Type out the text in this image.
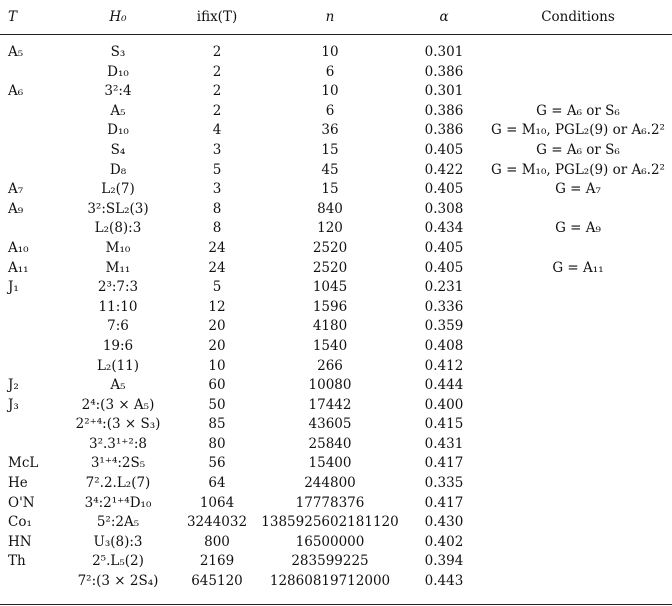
T	H₀	ifix(T)	n	α	Conditions
A₅	S₃	2	10	0.301	
	D₁₀	2	6	0.386	
A₆	3²:4	2	10	0.301	
	A₅	2	6	0.386	G = A₆ or S₆
	D₁₀	4	36	0.386	G = M₁₀, PGL₂(9) or A₆.2²
	S₄	3	15	0.405	G = A₆ or S₆
	D₈	5	45	0.422	G = M₁₀, PGL₂(9) or A₆.2²
A₇	L₂(7)	3	15	0.405	G = A₇
A₉	3²:SL₂(3)	8	840	0.308	
	L₂(8):3	8	120	0.434	G = A₉
A₁₀	M₁₀	24	2520	0.405	
A₁₁	M₁₁	24	2520	0.405	G = A₁₁
J₁	2³:7:3	5	1045	0.231	
	11:10	12	1596	0.336	
	7:6	20	4180	0.359	
	19:6	20	1540	0.408	
	L₂(11)	10	266	0.412	
J₂	A₅	60	10080	0.444	
J₃	2⁴:(3 × A₅)	50	17442	0.400	
	2²⁺⁴:(3 × S₃)	85	43605	0.415	
	3².3¹⁺²:8	80	25840	0.431	
McL	3¹⁺⁴:2S₅	56	15400	0.417	
He	7².2.L₂(7)	64	244800	0.335	
O'N	3⁴:2¹⁺⁴D₁₀	1064	17778376	0.417	
Co₁	5²:2A₅	3244032	1385925602181120	0.430	
HN	U₃(8):3	800	16500000	0.402	
Th	2⁵.L₅(2)	2169	283599225	0.394	
	7²:(3 × 2S₄)	645120	12860819712000	0.443	
